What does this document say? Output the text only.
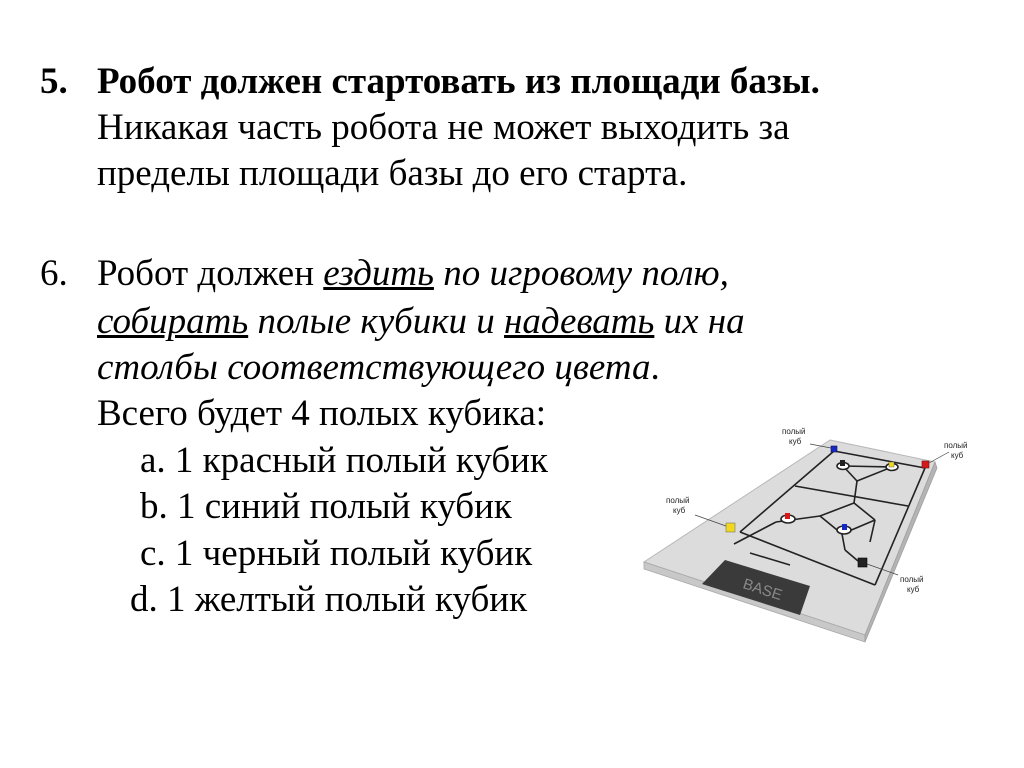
5. Робот должен стартовать из площади базы.
Никакая часть робота не может выходить за
пределы площади базы до его старта.
6. Робот должен ездить по игровому полю,
собирать полые кубики и надевать их на
столбы соответствующего цвета.
Всего будет 4 полых кубика:
a. 1 красный полый кубик
b. 1 синий полый кубик
c. 1 черный полый кубик
d. 1 желтый полый кубик	BASE
полый
куб	полый
куб
полый
куб
полый
куб
